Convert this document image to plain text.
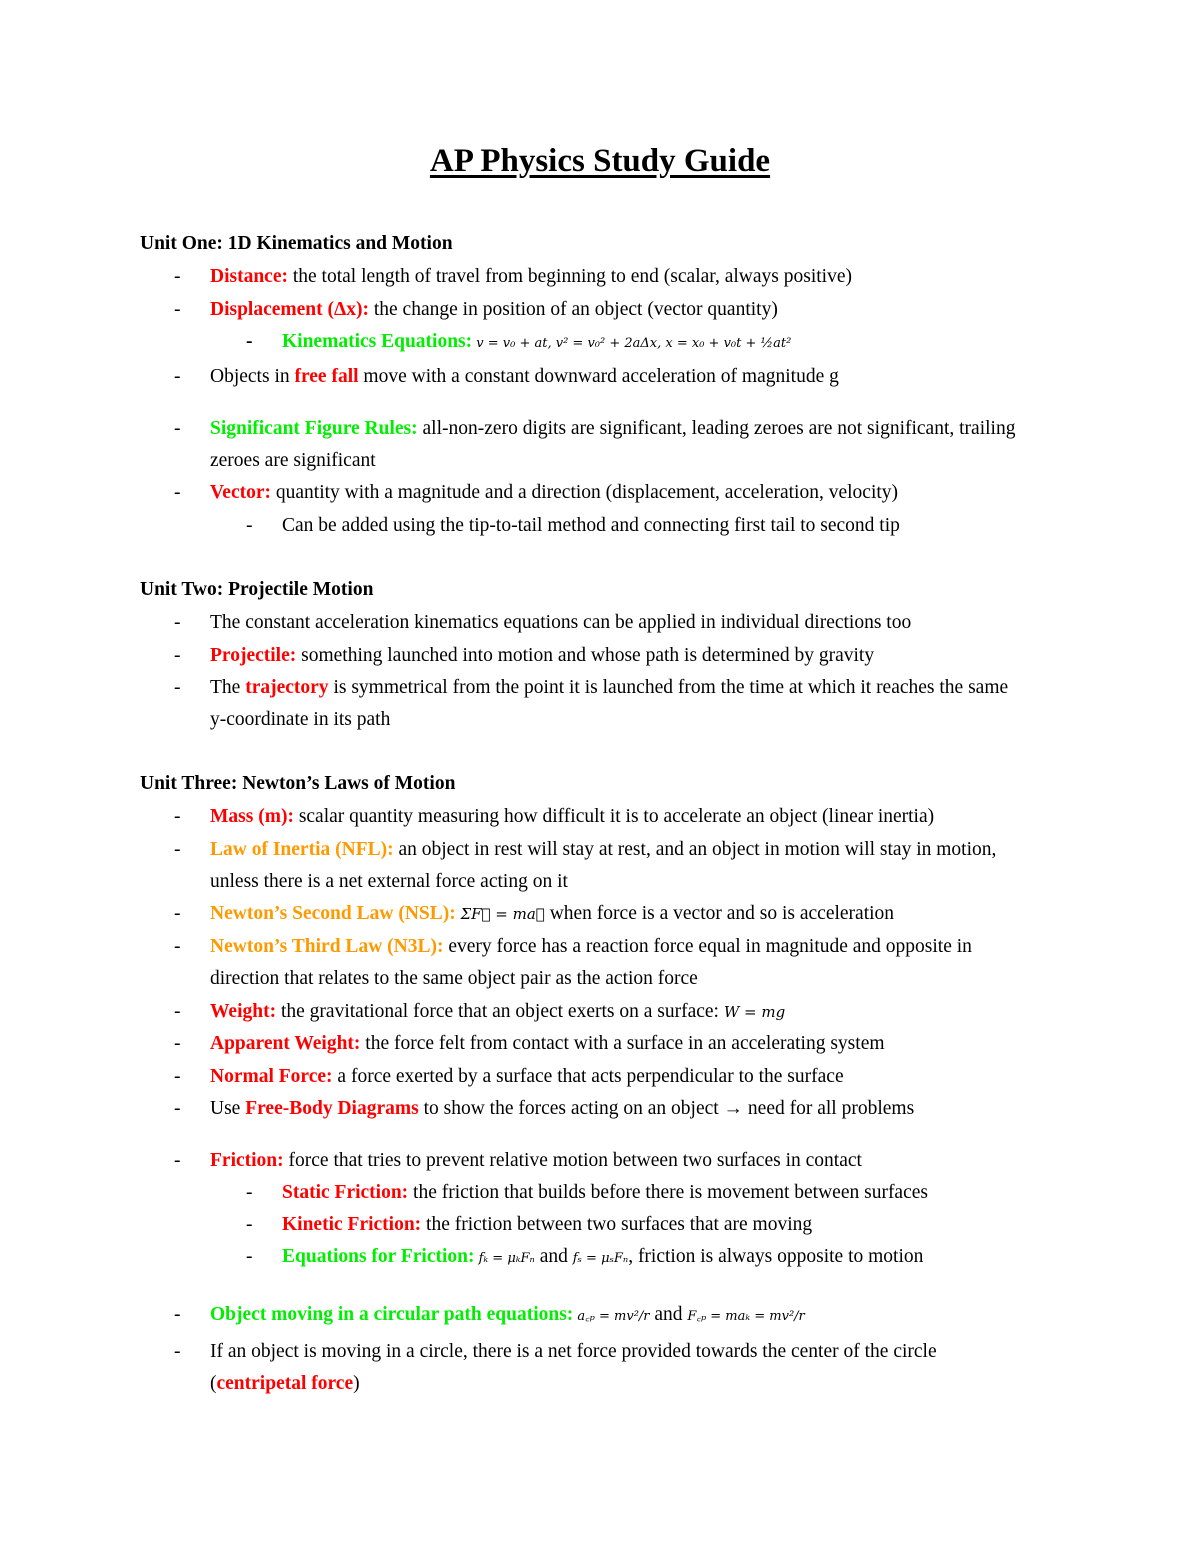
AP Physics Study Guide
Unit One: 1D Kinematics and Motion
- Distance: the total length of travel from beginning to end (scalar, always positive)
- Displacement (Δx): the change in position of an object (vector quantity)
- Kinematics Equations: v = v₀ + at, v² = v₀² + 2aΔx, x = x₀ + v₀t + ½at²
- Objects in free fall move with a constant downward acceleration of magnitude g
- Significant Figure Rules: all-non-zero digits are significant, leading zeroes are not significant, trailing
zeroes are significant
- Vector: quantity with a magnitude and a direction (displacement, acceleration, velocity)
- Can be added using the tip-to-tail method and connecting first tail to second tip
Unit Two: Projectile Motion
- The constant acceleration kinematics equations can be applied in individual directions too
- Projectile: something launched into motion and whose path is determined by gravity
- The trajectory is symmetrical from the point it is launched from the time at which it reaches the same
y-coordinate in its path
Unit Three: Newton’s Laws of Motion
- Mass (m): scalar quantity measuring how difficult it is to accelerate an object (linear inertia)
- Law of Inertia (NFL): an object in rest will stay at rest, and an object in motion will stay in motion,
unless there is a net external force acting on it
- Newton’s Second Law (NSL): ΣF⃗ = ma⃗ when force is a vector and so is acceleration
- Newton’s Third Law (N3L): every force has a reaction force equal in magnitude and opposite in
direction that relates to the same object pair as the action force
- Weight: the gravitational force that an object exerts on a surface: W = mg
- Apparent Weight: the force felt from contact with a surface in an accelerating system
- Normal Force: a force exerted by a surface that acts perpendicular to the surface
- Use Free-Body Diagrams to show the forces acting on an object → need for all problems
- Friction: force that tries to prevent relative motion between two surfaces in contact
- Static Friction: the friction that builds before there is movement between surfaces
- Kinetic Friction: the friction between two surfaces that are moving
- Equations for Friction: fₖ = μₖFₙ and fₛ = μₛFₙ, friction is always opposite to motion
- Object moving in a circular path equations: a꜀ₚ = mv²/r and F꜀ₚ = maₖ = mv²/r
- If an object is moving in a circle, there is a net force provided towards the center of the circle
(centripetal force)
